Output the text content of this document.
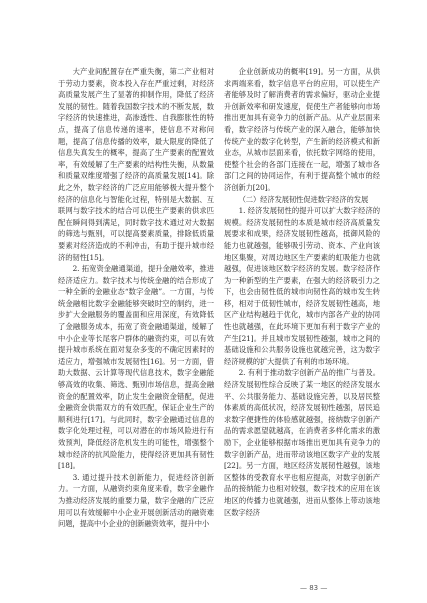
大产业间配置存在严重失衡，第二产业相对于劳动力要素，资本投入存在严重过剩，对经济高质量发展产生了显著的抑制作用，降低了经济发展的韧性。随着我国数字技术的不断发展，数字经济的快速推进，高渗透性、自我膨胀性的特点，提高了信息传递的速率，使信息不对称问题，提高了信息传播的效率，最大限度的降低了信息失真发生的概率，提高了生产要素的配置效率，有效缓解了生产要素的结构性失衡，从数量和质量双维度增强了经济的高质量发展[14]。除此之外，数字经济的广泛应用能够极大提升整个经济的信息化与智能化过程，特别是大数据、互联网与数字技术的结合可以使生产要素的供求匹配在瞬间得到满足，同时数字技术通过对大数据的筛选与甄别，可以提高要素质量，排除低质量要素对经济造成的不利冲击，有助于提升城市经济的韧性[15]。

2. 拓宽资金融通渠道，提升金融效率，推进经济适应力。数字技术与传统金融的结合形成了一种全新的金融业态“数字金融”。一方面，与传统金融相比数字金融能够突破时空的制约，进一步扩大金融服务的覆盖面和应用深度，有效降低了金融服务成本，拓宽了资金融通渠道，缓解了中小企业等长尾客户群体的融资约束，可以有效提升城市系统在面对复杂多变的不确定因素时的适应力，增强城市发展韧性[16]。另一方面，借助大数据、云计算等现代信息技术，数字金融能够高效的收集、筛选、甄别市场信息，提高金融资金的配置效率，防止发生金融资金错配，促进金融资金供需双方的有效匹配，保证企业生产的顺利进行[17]。与此同时，数字金融通过信息的数字化处理过程，可以对潜在的市场风险进行有效预判，降低经济危机发生的可能性，增强整个城市经济的抗风险能力，使得经济更加具有韧性[18]。

3. 通过提升技术创新能力，促进经济创新力。一方面，从融资约束角度来看，数字金融作为推动经济发展的重要力量，数字金融的广泛应用可以有效缓解中小企业开展创新活动的融资难问题，提高中小企业的创新融资效率，提升中小

企业创新成功的概率[19]。另一方面，从供求两端来看，数字信息平台的应用，可以使生产者能够及时了解消费者的需求偏好，驱动企业提升创新效率和研发速度，促使生产者能够向市场推出更加具有竞争力的创新产品。从产业层面来看，数字经济与传统产业的深入融合，能够加快传统产业的数字化转型，产生新的经济模式和新业态，从城市层面来看，依托数字网络的使用，使整个社会的各部门连接在一起，增强了城市各部门之间的协同运作，有利于提高整个城市的经济创新力[20]。

（二）经济发展韧性促进数字经济的发展

1. 经济发展韧性的提升可以扩大数字经济的规模。经济发展韧性的本质是城市经济高质量发展要求和成果，经济发展韧性越高，抵御风险的能力也就越强，能够吸引劳动、资本、产业向该地区集聚，对周边地区生产要素的虹吸能力也就越强，促进该地区数字经济的发展。数字经济作为一种新型的生产要素，在强大的经济吸引力之下，也会由韧性低的城市向韧性高的城市发生转移，相对于低韧性城市，经济发展韧性越高，地区产业结构越趋于优化，城市内部各产业的协同性也就越强，在此环境下更加有利于数字产业的产生[21]。并且城市发展韧性越强，城市之间的基础设施和公共服务设施也就越完善，这为数字经济规模的扩大提供了有利的市场环境。

2. 有利于推动数字创新产品的推广与普及。经济发展韧性综合反映了某一地区的经济发展水平、公共服务能力、基础设施完善，以及居民整体素质的高低状况，经济发展韧性越强，居民追求数字便捷性的体验感就越强，接纳数字创新产品的需求愿望就越高，在消费者多样化需求的激励下，企业能够根据市场推出更加具有竞争力的数字创新产品，进而带动该地区数字产业的发展[22]。另一方面，地区经济发展韧性越强，该地区整体的受教育水平也相应提高，对数字创新产品的接纳能力也相对较强，数字技术的应用在该地区的传播力也就越强，进而从整体上带动该地区数字经济

— 83 —
